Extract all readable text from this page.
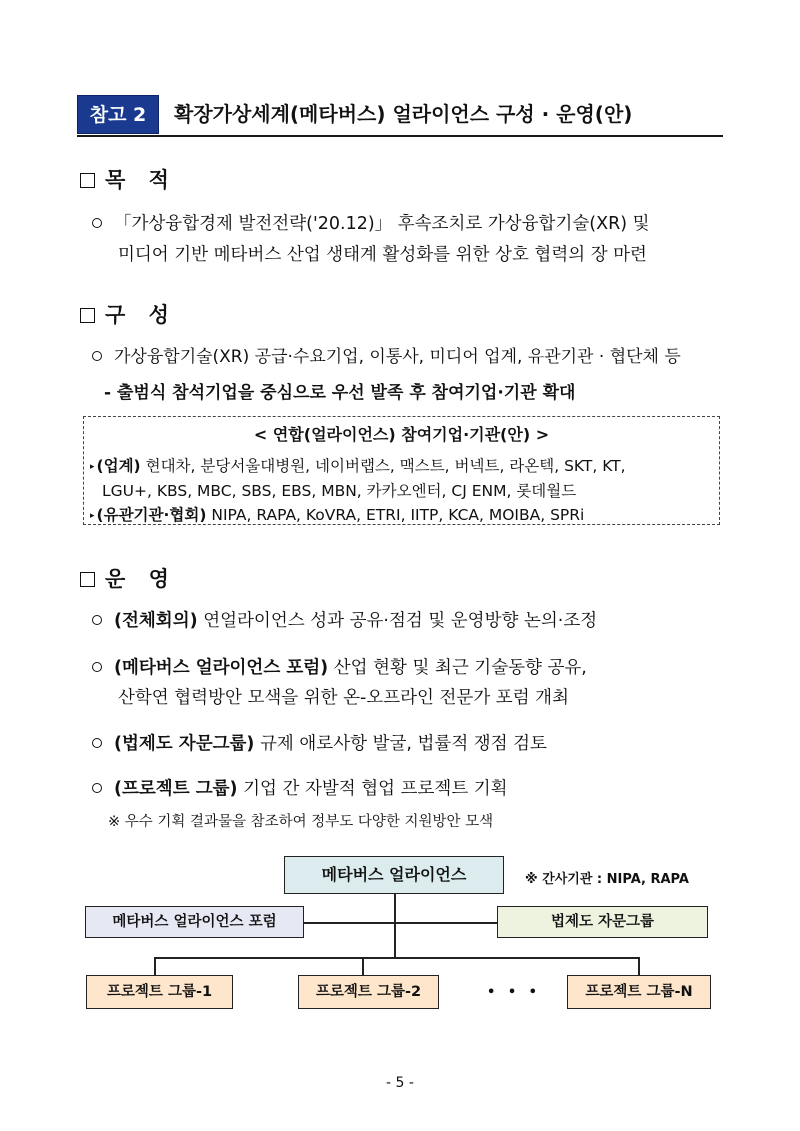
참고 2	확장가상세계(메타버스) 얼라이언스 구성 · 운영(안)
목 적
「가상융합경제 발전전략('20.12)」 후속조치로 가상융합기술(XR) 및
미디어 기반 메타버스 산업 생태계 활성화를 위한 상호 협력의 장 마련
구 성
가상융합기술(XR) 공급·수요기업, 이통사, 미디어 업계, 유관기관 · 협단체 등
- 출범식 참석기업을 중심으로 우선 발족 후 참여기업·기관 확대
< 연합(얼라이언스) 참여기업·기관(안) >
▸ (업계) 현대차, 분당서울대병원, 네이버랩스, 맥스트, 버넥트, 라온텍, SKT, KT,
LGU+, KBS, MBC, SBS, EBS, MBN, 카카오엔터, CJ ENM, 롯데월드
▸ (유관기관·협회) NIPA, RAPA, KoVRA, ETRI, IITP, KCA, MOIBA, SPRi
운 영
(전체회의) 연얼라이언스 성과 공유·점검 및 운영방향 논의·조정
(메타버스 얼라이언스 포럼) 산업 현황 및 최근 기술동향 공유,
산학연 협력방안 모색을 위한 온-오프라인 전문가 포럼 개최
(법제도 자문그룹) 규제 애로사항 발굴, 법률적 쟁점 검토
(프로젝트 그룹) 기업 간 자발적 협업 프로젝트 기획
※ 우수 기획 결과물을 참조하여 정부도 다양한 지원방안 모색
메타버스 얼라이언스	※ 간사기관 : NIPA, RAPA
메타버스 얼라이언스 포럼	법제도 자문그룹
프로젝트 그룹-1	프로젝트 그룹-2	• • •	프로젝트 그룹-N
- 5 -
